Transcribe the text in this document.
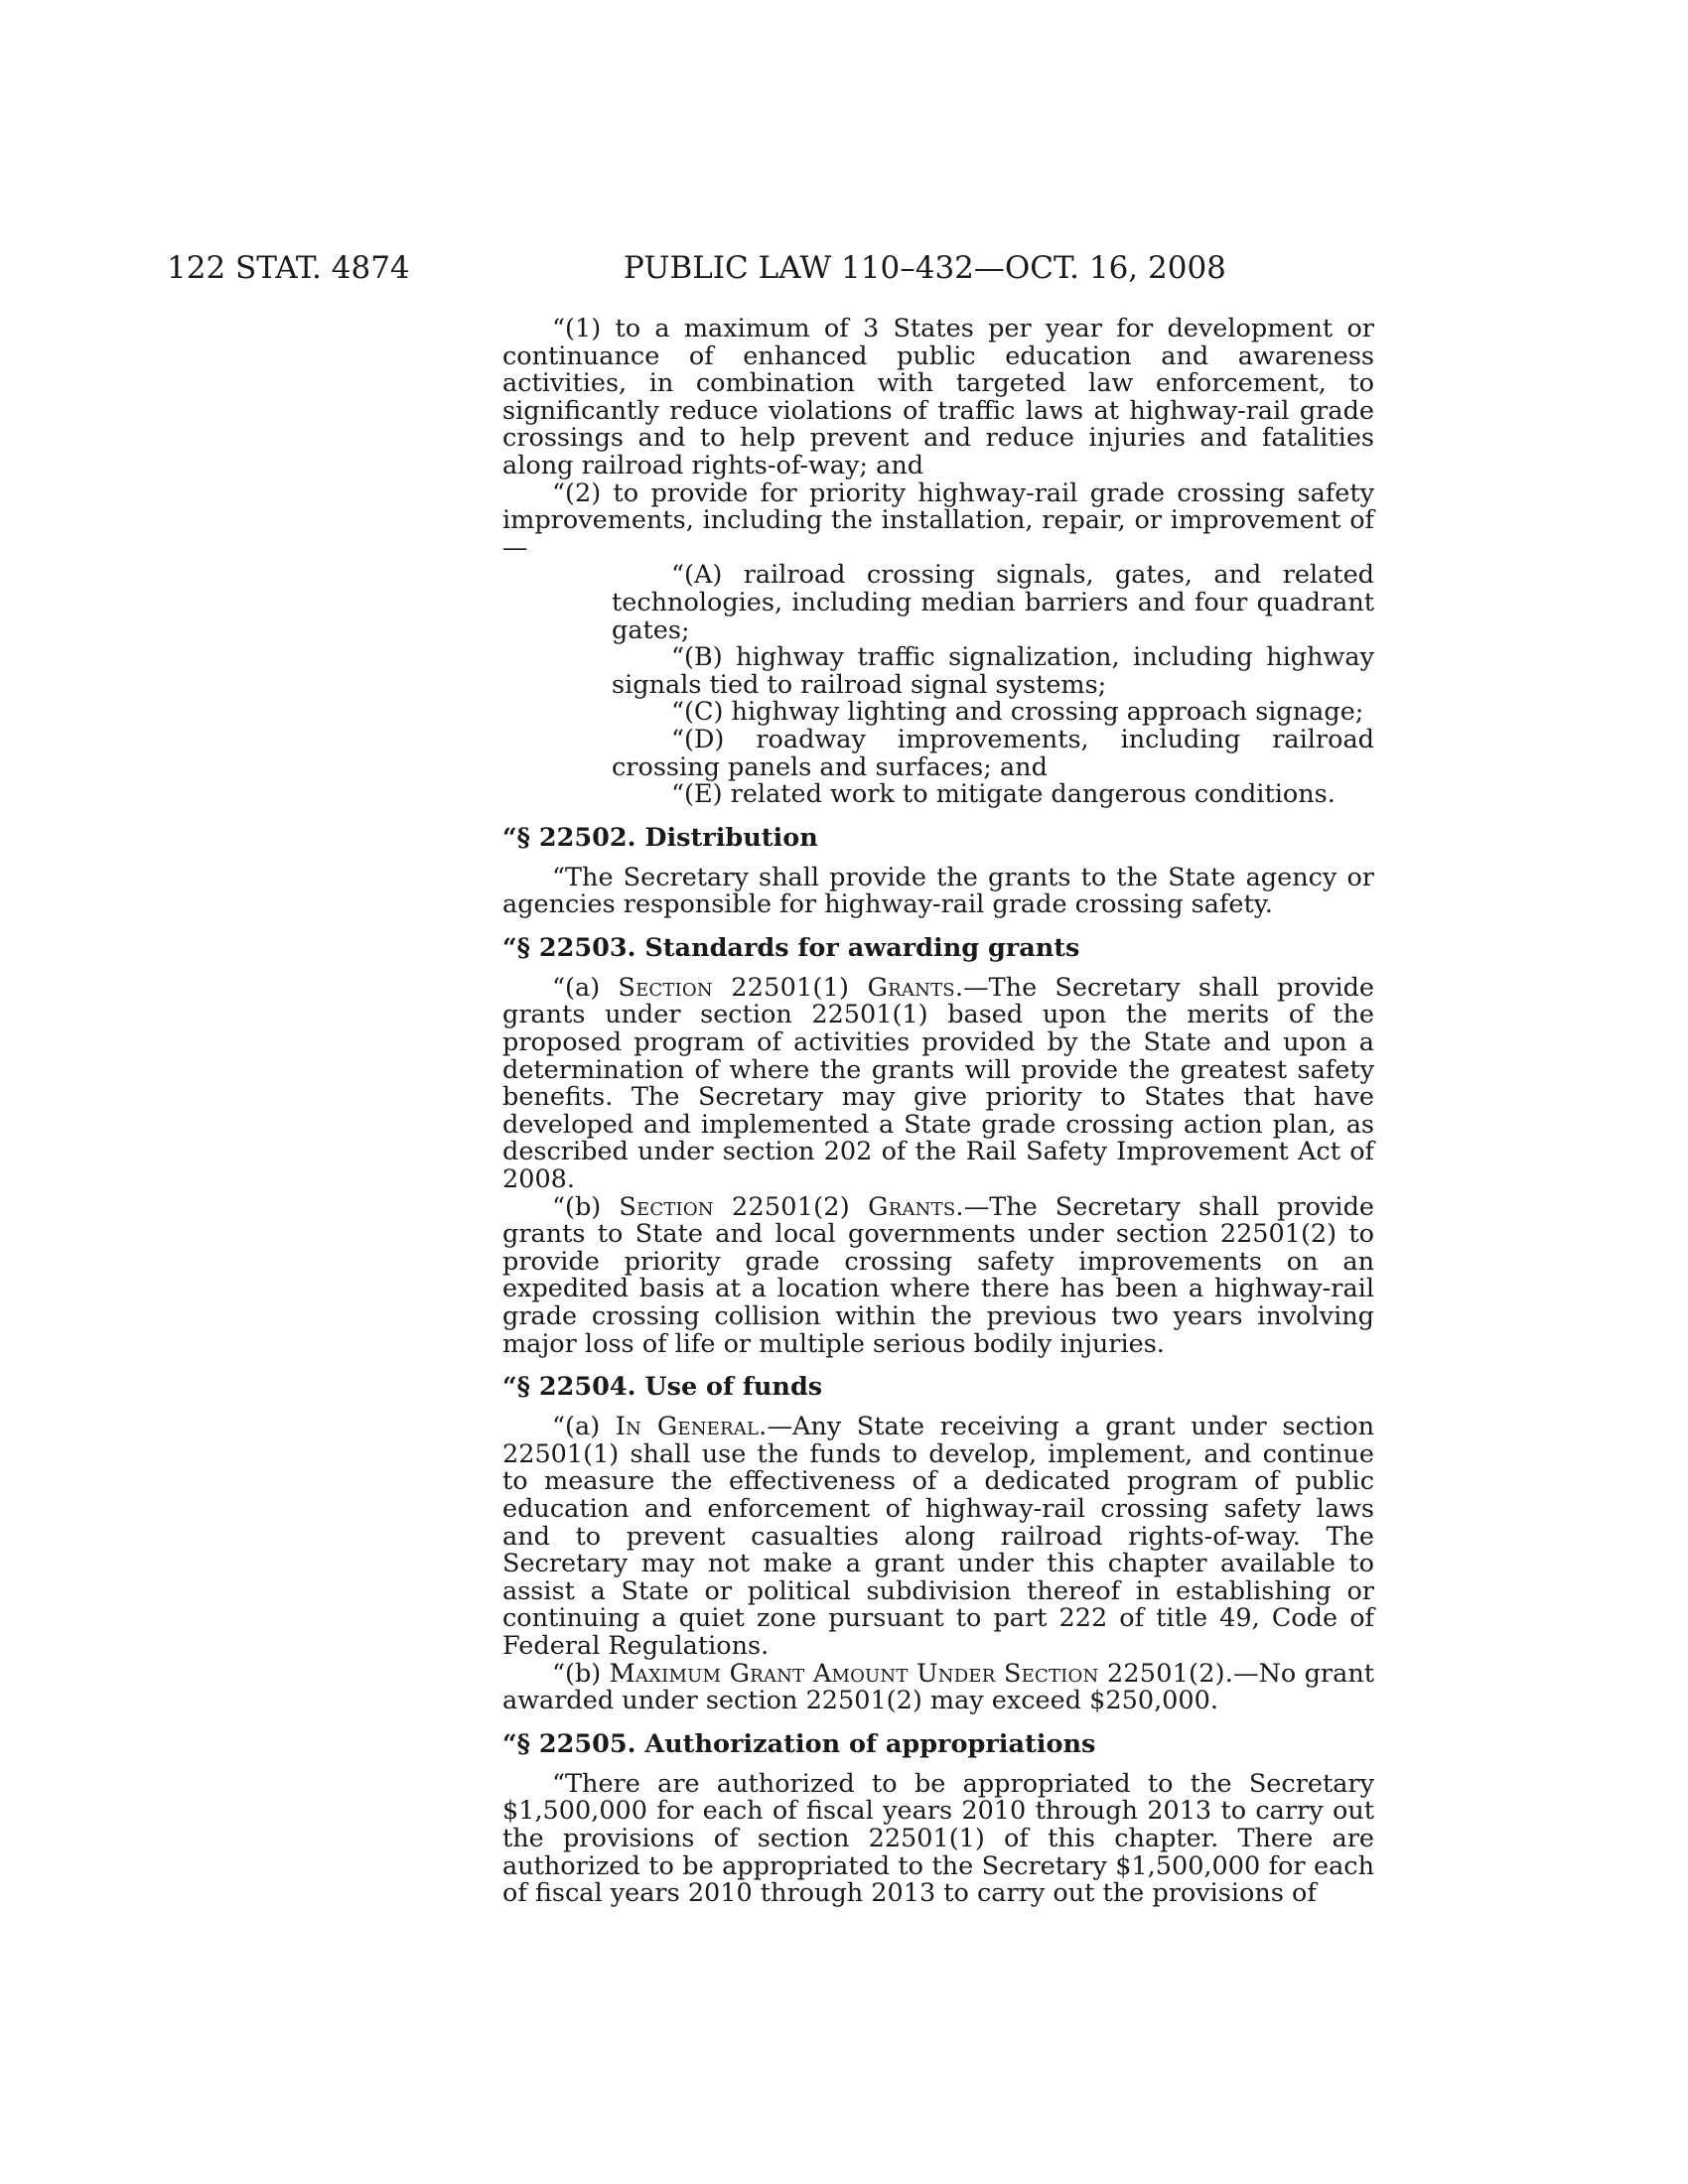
122 STAT. 4874	PUBLIC LAW 110–432—OCT. 16, 2008

“(1) to a maximum of 3 States per year for development or continuance of enhanced public education and awareness activities, in combination with targeted law enforcement, to significantly reduce violations of traffic laws at highway-rail grade crossings and to help prevent and reduce injuries and fatalities along railroad rights-of-way; and

“(2) to provide for priority highway-rail grade crossing safety improvements, including the installation, repair, or improvement of—

“(A) railroad crossing signals, gates, and related technologies, including median barriers and four quadrant gates;

“(B) highway traffic signalization, including highway signals tied to railroad signal systems;

“(C) highway lighting and crossing approach signage;

“(D) roadway improvements, including railroad crossing panels and surfaces; and

“(E) related work to mitigate dangerous conditions.

“§ 22502. Distribution

“The Secretary shall provide the grants to the State agency or agencies responsible for highway-rail grade crossing safety.

“§ 22503. Standards for awarding grants

“(a) Section 22501(1) Grants.—The Secretary shall provide grants under section 22501(1) based upon the merits of the proposed program of activities provided by the State and upon a determination of where the grants will provide the greatest safety benefits. The Secretary may give priority to States that have developed and implemented a State grade crossing action plan, as described under section 202 of the Rail Safety Improvement Act of 2008.

“(b) Section 22501(2) Grants.—The Secretary shall provide grants to State and local governments under section 22501(2) to provide priority grade crossing safety improvements on an expedited basis at a location where there has been a highway-rail grade crossing collision within the previous two years involving major loss of life or multiple serious bodily injuries.

“§ 22504. Use of funds

“(a) In General.—Any State receiving a grant under section 22501(1) shall use the funds to develop, implement, and continue to measure the effectiveness of a dedicated program of public education and enforcement of highway-rail crossing safety laws and to prevent casualties along railroad rights-of-way. The Secretary may not make a grant under this chapter available to assist a State or political subdivision thereof in establishing or continuing a quiet zone pursuant to part 222 of title 49, Code of Federal Regulations.

“(b) Maximum Grant Amount Under Section 22501(2).—No grant awarded under section 22501(2) may exceed $250,000.

“§ 22505. Authorization of appropriations

“There are authorized to be appropriated to the Secretary $1,500,000 for each of fiscal years 2010 through 2013 to carry out the provisions of section 22501(1) of this chapter. There are authorized to be appropriated to the Secretary $1,500,000 for each of fiscal years 2010 through 2013 to carry out the provisions of
